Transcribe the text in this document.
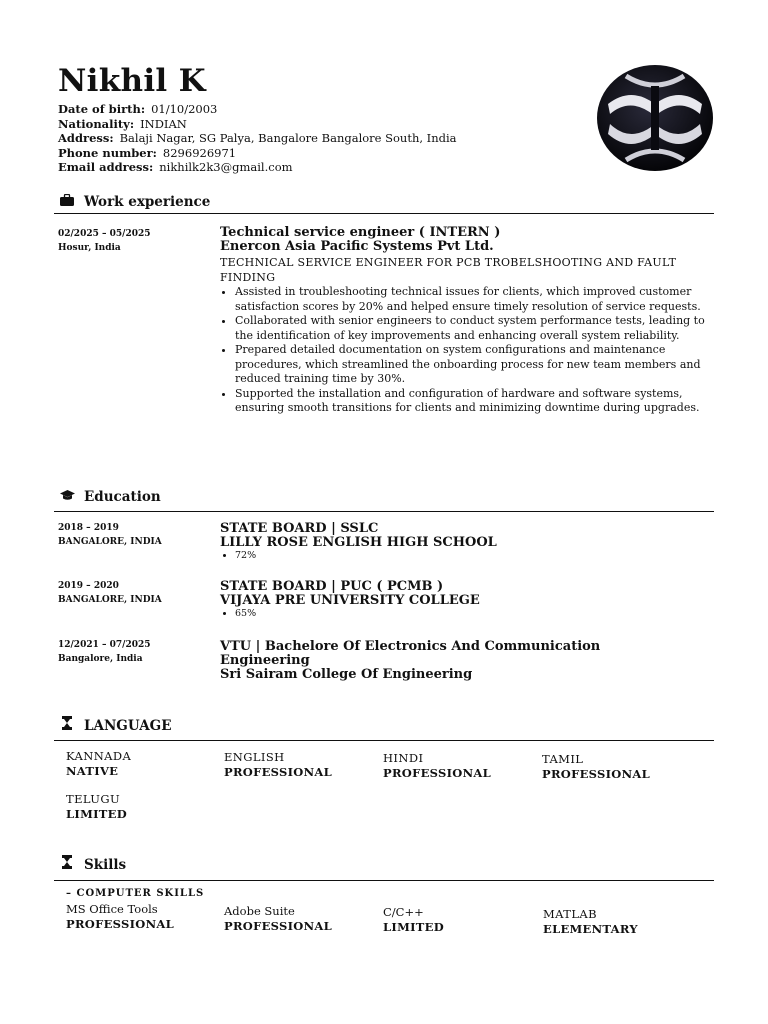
Nikhil K
Date of birth: 01/10/2003
Nationality: INDIAN
Address: Balaji Nagar, SG Palya, Bangalore Bangalore South, India
Phone number: 8296926971
Email address: nikhilk2k3@gmail.com
Work experience
02/2025 – 05/2025
Hosur, India
Technical service engineer ( INTERN )
Enercon Asia Pacific Systems Pvt Ltd.
TECHNICAL SERVICE ENGINEER FOR PCB TROBELSHOOTING AND FAULT FINDING
• Assisted in troubleshooting technical issues for clients, which improved customer satisfaction scores by 20% and helped ensure timely resolution of service requests.
• Collaborated with senior engineers to conduct system performance tests, leading to the identification of key improvements and enhancing overall system reliability.
• Prepared detailed documentation on system configurations and maintenance procedures, which streamlined the onboarding process for new team members and reduced training time by 30%.
• Supported the installation and configuration of hardware and software systems, ensuring smooth transitions for clients and minimizing downtime during upgrades.
Education
2018 – 2019
BANGALORE, INDIA
STATE BOARD | SSLC
LILLY ROSE ENGLISH HIGH SCHOOL
• 72%
2019 – 2020
BANGALORE, INDIA
STATE BOARD | PUC ( PCMB )
VIJAYA PRE UNIVERSITY COLLEGE
• 65%
12/2021 – 07/2025
Bangalore, India
VTU | Bachelore Of Electronics And Communication Engineering
Sri Sairam College Of Engineering
LANGUAGE
KANNADA
NATIVE
ENGLISH
PROFESSIONAL
HINDI
PROFESSIONAL
TAMIL
PROFESSIONAL
TELUGU
LIMITED
Skills
– COMPUTER SKILLS
MS Office Tools
PROFESSIONAL
Adobe Suite
PROFESSIONAL
C/C++
LIMITED
MATLAB
ELEMENTARY
